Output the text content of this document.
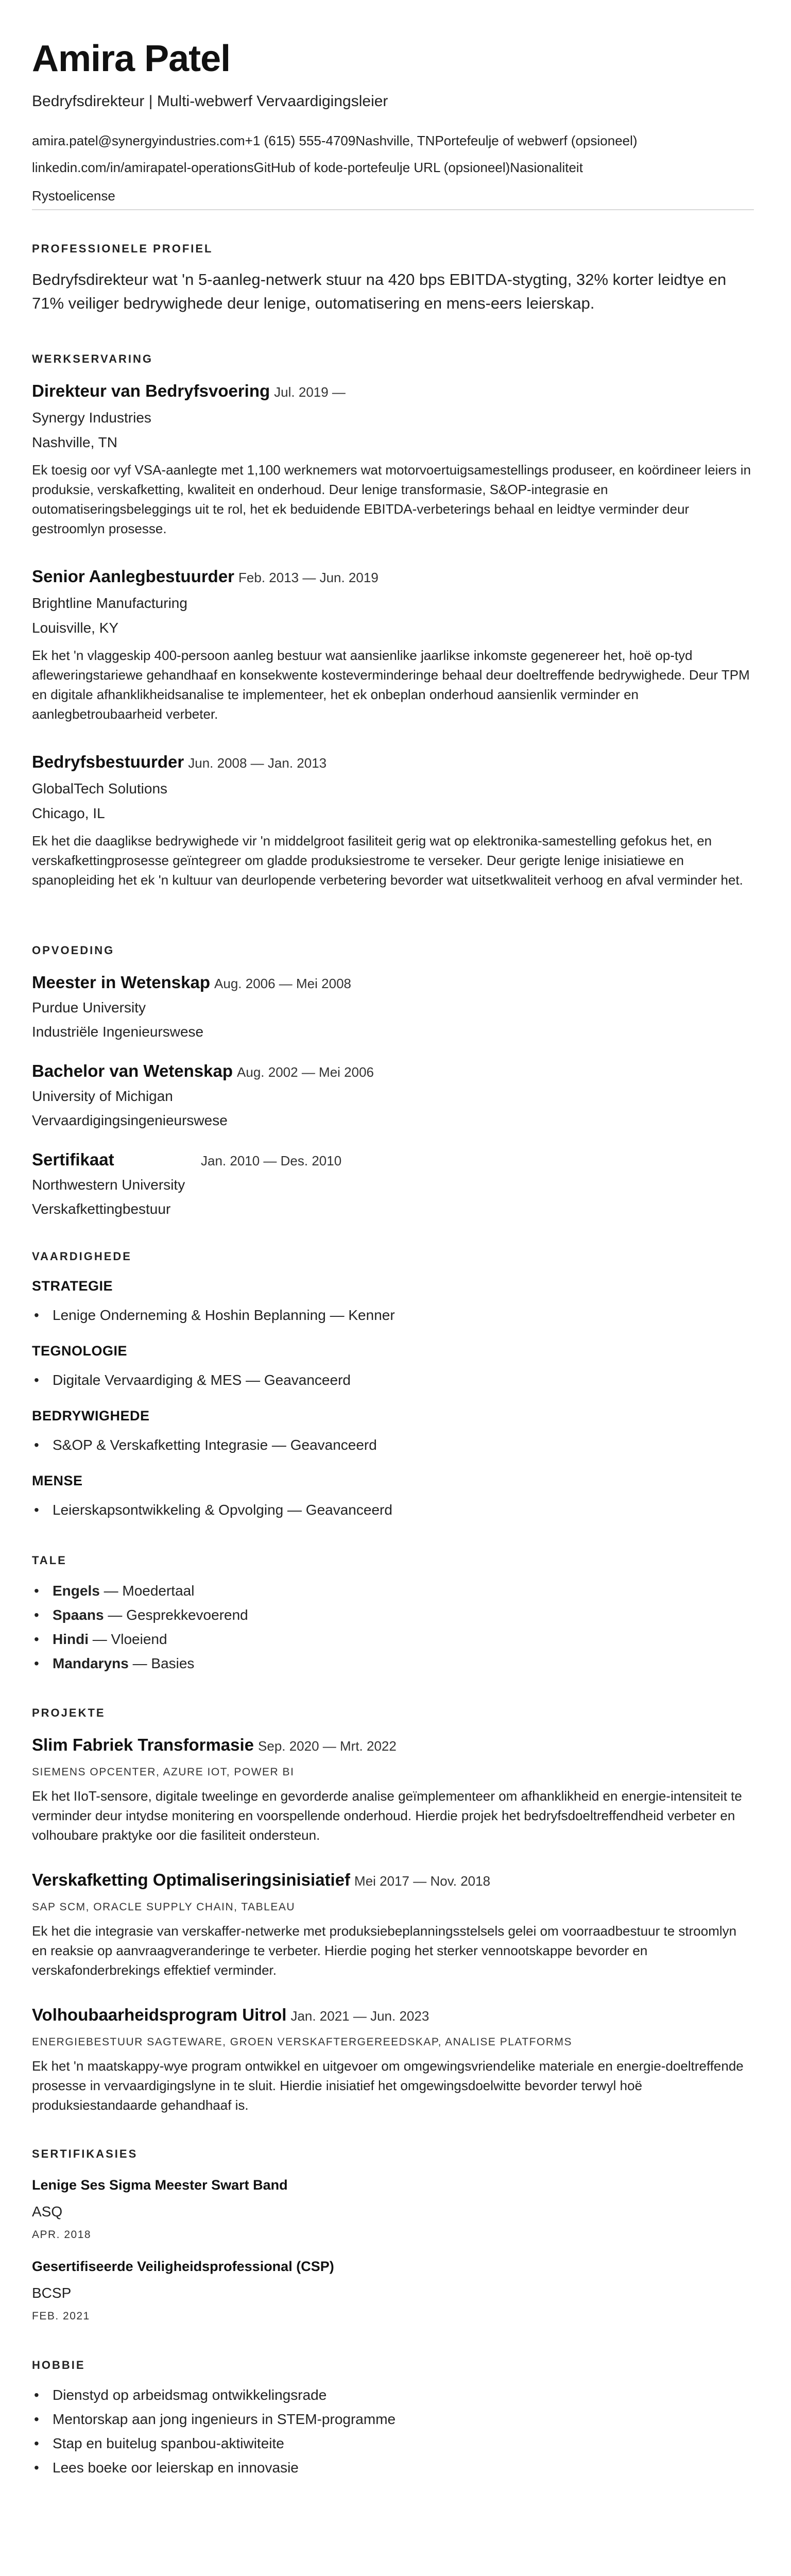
Amira Patel
Bedryfsdirekteur | Multi-webwerf Vervaardigingsleier
amira.patel@synergyindustries.com+1 (615) 555-4709Nashville, TNPortefeulje of webwerf (opsioneel)
linkedin.com/in/amirapatel-operationsGitHub of kode-portefeulje URL (opsioneel)Nasionaliteit
Rystoelicense
PROFESSIONELE PROFIEL
Bedryfsdirekteur wat 'n 5-aanleg-netwerk stuur na 420 bps EBITDA-stygting, 32% korter leidtye en 71% veiliger bedrywighede deur lenige, outomatisering en mens-eers leierskap.
WERKSERVARING
Direkteur van Bedryfsvoering Jul. 2019 —
Synergy Industries
Nashville, TN
Ek toesig oor vyf VSA-aanlegte met 1,100 werknemers wat motorvoertuigsamestellings produseer, en koördineer leiers in produksie, verskafketting, kwaliteit en onderhoud. Deur lenige transformasie, S&OP-integrasie en outomatiseringsbeleggings uit te rol, het ek beduidende EBITDA-verbeterings behaal en leidtye verminder deur gestroomlyn prosesse.
Senior Aanlegbestuurder Feb. 2013 — Jun. 2019
Brightline Manufacturing
Louisville, KY
Ek het 'n vlaggeskip 400-persoon aanleg bestuur wat aansienlike jaarlikse inkomste gegenereer het, hoë op-tyd afleweringstariewe gehandhaaf en konsekwente kosteverminderinge behaal deur doeltreffende bedrywighede. Deur TPM en digitale afhanklikheidsanalise te implementeer, het ek onbeplan onderhoud aansienlik verminder en aanlegbetroubaarheid verbeter.
Bedryfsbestuurder Jun. 2008 — Jan. 2013
GlobalTech Solutions
Chicago, IL
Ek het die daaglikse bedrywighede vir 'n middelgroot fasiliteit gerig wat op elektronika-samestelling gefokus het, en verskafkettingprosesse geïntegreer om gladde produksiestrome te verseker. Deur gerigte lenige inisiatiewe en spanopleiding het ek 'n kultuur van deurlopende verbetering bevorder wat uitsetkwaliteit verhoog en afval verminder het.
OPVOEDING
Meester in Wetenskap Aug. 2006 — Mei 2008
Purdue University
Industriële Ingenieurswese
Bachelor van Wetenskap Aug. 2002 — Mei 2006
University of Michigan
Vervaardigingsingenieurswese
Sertifikaat	Jan. 2010 — Des. 2010
Northwestern University
Verskafkettingbestuur
VAARDIGHEDE
STRATEGIE
• Lenige Onderneming & Hoshin Beplanning — Kenner
TEGNOLOGIE
• Digitale Vervaardiging & MES — Geavanceerd
BEDRYWIGHEDE
• S&OP & Verskafketting Integrasie — Geavanceerd
MENSE
• Leierskapsontwikkeling & Opvolging — Geavanceerd
TALE
• Engels — Moedertaal
• Spaans — Gesprekkevoerend
• Hindi — Vloeiend
• Mandaryns — Basies
PROJEKTE
Slim Fabriek Transformasie Sep. 2020 — Mrt. 2022
SIEMENS OPCENTER, AZURE IOT, POWER BI
Ek het IIoT-sensore, digitale tweelinge en gevorderde analise geïmplementeer om afhanklikheid en energie-intensiteit te verminder deur intydse monitering en voorspellende onderhoud. Hierdie projek het bedryfsdoeltreffendheid verbeter en volhoubare praktyke oor die fasiliteit ondersteun.
Verskafketting Optimaliseringsinisiatief Mei 2017 — Nov. 2018
SAP SCM, ORACLE SUPPLY CHAIN, TABLEAU
Ek het die integrasie van verskaffer-netwerke met produksiebeplanningsstelsels gelei om voorraadbestuur te stroomlyn en reaksie op aanvraagveranderinge te verbeter. Hierdie poging het sterker vennootskappe bevorder en verskafonderbrekings effektief verminder.
Volhoubaarheidsprogram Uitrol Jan. 2021 — Jun. 2023
ENERGIEBESTUUR SAGTEWARE, GROEN VERSKAFTERGEREEDSKAP, ANALISE PLATFORMS
Ek het 'n maatskappy-wye program ontwikkel en uitgevoer om omgewingsvriendelike materiale en energie-doeltreffende prosesse in vervaardigingslyne in te sluit. Hierdie inisiatief het omgewingsdoelwitte bevorder terwyl hoë produksiestandaarde gehandhaaf is.
SERTIFIKASIES
Lenige Ses Sigma Meester Swart Band
ASQ
APR. 2018
Gesertifiseerde Veiligheidsprofessional (CSP)
BCSP
FEB. 2021
HOBBIE
• Dienstyd op arbeidsmag ontwikkelingsrade
• Mentorskap aan jong ingenieurs in STEM-programme
• Stap en buitelug spanbou-aktiwiteite
• Lees boeke oor leierskap en innovasie
